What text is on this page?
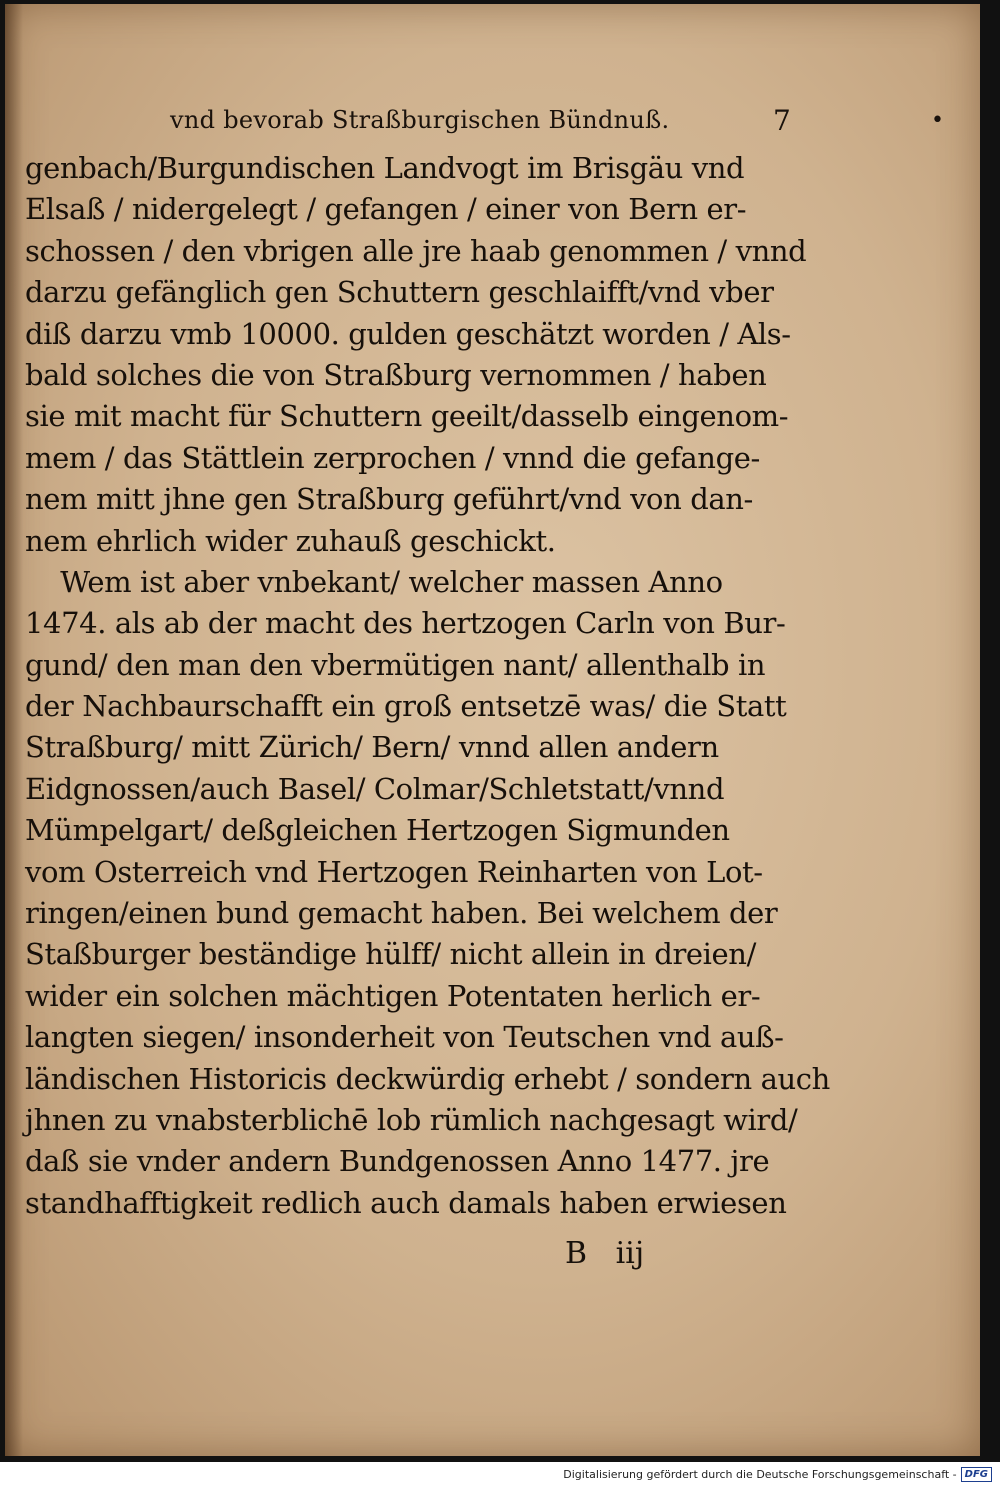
vnd bevorab Straßburgischen Bündnuß.	7	•
genbach/Burgundischen Landvogt im Brisgäu vnd
Elsaß / nidergelegt / gefangen / einer von Bern er-
schossen / den vbrigen alle jre haab genommen / vnnd
darzu gefänglich gen Schuttern geschlaifft/vnd vber
diß darzu vmb 10000. gulden geschätzt worden / Als-
bald solches die von Straßburg vernommen / haben
sie mit macht für Schuttern geeilt/dasselb eingenom-
mem / das Stättlein zerprochen / vnnd die gefange-
nem mitt jhne gen Straßburg geführt/vnd von dan-
nem ehrlich wider zuhauß geschickt.
Wem ist aber vnbekant/ welcher massen Anno
1474. als ab der macht des hertzogen Carln von Bur-
gund/ den man den vbermütigen nant/ allenthalb in
der Nachbaurschafft ein groß entsetzē was/ die Statt
Straßburg/ mitt Zürich/ Bern/ vnnd allen andern
Eidgnossen/auch Basel/ Colmar/Schletstatt/vnnd
Mümpelgart/ deßgleichen Hertzogen Sigmunden
vom Osterreich vnd Hertzogen Reinharten von Lot-
ringen/einen bund gemacht haben. Bei welchem der
Staßburger beständige hülff/ nicht allein in dreien/
wider ein solchen mächtigen Potentaten herlich er-
langten siegen/ insonderheit von Teutschen vnd auß-
ländischen Historicis deckwürdig erhebt / sondern auch
jhnen zu vnabsterblichē lob rümlich nachgesagt wird/
daß sie vnder andern Bundgenossen Anno 1477. jre
standhafftigkeit redlich auch damals haben erwiesen
B   iij
Digitalisierung gefördert durch die Deutsche Forschungsgemeinschaft - DFG
